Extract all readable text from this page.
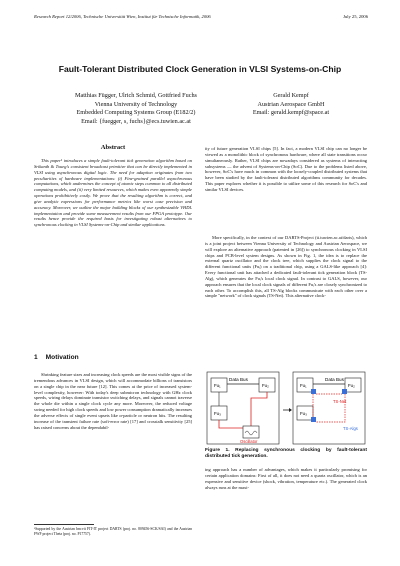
Research Report 12/2006, Technische Universität Wien, Institut für Technische Informatik, 2006	July 25, 2006
Fault-Tolerant Distributed Clock Generation in VLSI Systems-on-Chip
Matthias Függer, Ulrich Schmid, Gottfried Fuchs
Vienna University of Technology
Embedded Computing Systems Group (E182/2)
Email: {fuegger, s, fuchs}@ecs.tuwien.ac.at
Gerald Kempf
Austrian Aerospace GmbH
Email: gerald.kempf@space.at
Abstract

This paper¹ introduces a simple fault-tolerant tick generation algorithm based on Srikanth & Toueg's consistent broadcast primitive that can be directly implemented in VLSI using asynchronous digital logic. The need for adaption originates from two peculiarities of hardware implementations: (i) Fine-grained parallel asynchronous computations, which undermines the concept of atomic steps common to all distributed computing models, and (ii) very limited resources, which makes even apparently simple operations prohibitively costly. We prove that the resulting algorithm is correct, and give analytic expressions for performance metrics like worst case precision and accuracy. Moreover, we outline the major building blocks of our synthesizable VHDL implementation and provide some measurement results from our FPGA prototype. Our results hence provide the required basis for investigating robust alternatives to synchronous clocking in VLSI Systems-on-Chip and similar applications.

1 Motivation

Shrinking feature sizes and increasing clock speeds are the most visible signs of the tremendous advances in VLSI design, which will accommodate billions of transistors on a single chip in the near future [12]. This comes at the price of increased system-level complexity, however: With today's deep submicron technology with GHz clock speeds, wiring delays dominate transistor switching delays, and signals cannot traverse the whole die within a single clock cycle any more. Moreover, the reduced voltage swing needed for high clock speeds and low power consumption dramatically increases the adverse effects of single event upsets like α-particle or neutron hits. The resulting increase of the transient failure rate (soft-error rate) [17] and crosstalk sensitivity [25] has raised concerns about the dependabil-

¹Supported by the Austrian bm:vit FIT-IT project DARTS (proj. no. 809456-SCK/SAI) and the Austrian FWF project Theta (proj. no. P17757).

ity of future generation VLSI chips [5]. In fact, a modern VLSI chip can no longer be viewed as a monolithic block of synchronous hardware, where all state transitions occur simultaneously. Rather, VLSI chips are nowadays considered as systems of interacting subsystems — the advent of Systems-on-Chip (SoC). Due to the problems listed above, however, SoC's have much in common with the loosely-coupled distributed systems that have been studied by the fault-tolerant distributed algorithms community for decades. This paper explores whether it is possible to utilize some of this research for SoC's and similar VLSI devices.

More specifically, in the context of our DARTS-Project (ti.tuwien.ac.at/darts), which is a joint project between Vienna University of Technology and Austrian Aerospace, we will explore an alternative approach (patented in [26]) to synchronous clocking in VLSI chips and PCB-level system designs. As shown in Fig. 1, the idea is to replace the external quartz oscillator and the clock tree, which supplies the clock signal to the different functional units (Fuᵢ) on a traditional chip, using a GALS-like approach [4]: Every functional unit has attached a dedicated fault-tolerant tick generation block (TS-Alg), which generates the Fuᵢ's local clock signal. In contrast to GALS, however, our approach ensures that the local clock signals of different Fuᵢ's are closely synchronized to each other. To accomplish this, all TS-Alg blocks communicate with each other over a simple "network" of clock signals (TS-Net). This alternative clock-

Data Bus
Fu₁	Fu₂
Fu₃
Oscillator
Data Bus
Fu₁	Fu₂
Fu₃
TS-Net
TS-Algs
Figure 1. Replacing synchronous clocking by fault-tolerant distributed tick generation.

ing approach has a number of advantages, which makes it particularly promising for certain application domains: First of all, it does not need a quartz oscillator, which is an expensive and sensitive device (shock, vibration, temperature etc.). The generated clock always runs at the maxi-
